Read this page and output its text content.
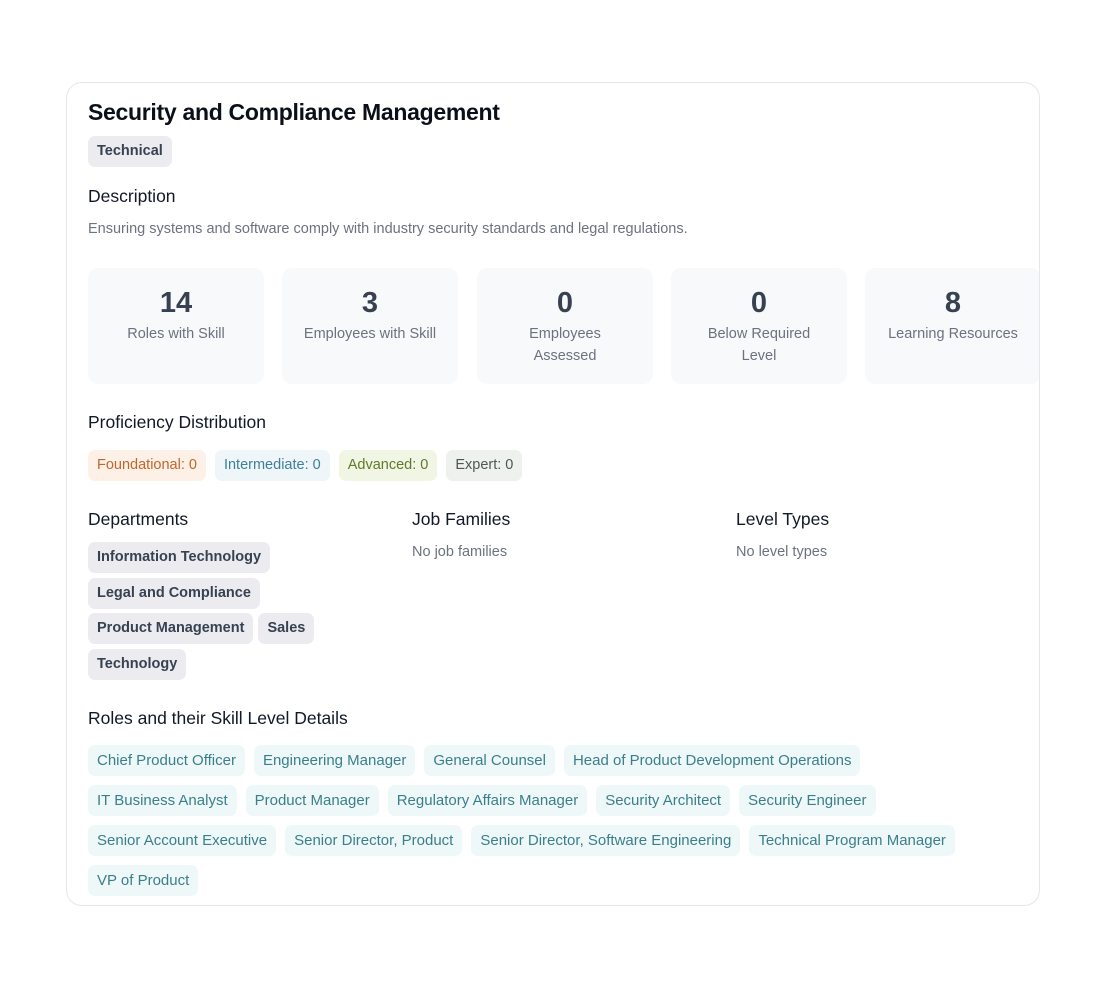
Security and Compliance Management
Technical
Description
Ensuring systems and software comply with industry security standards and legal regulations.
14
Roles with Skill
3
Employees with Skill
0
Employees Assessed
0
Below Required Level
8
Learning Resources
Proficiency Distribution
Foundational: 0	Intermediate: 0	Advanced: 0	Expert: 0
Departments
Information Technology
Legal and Compliance
Product Management	Sales
Technology
Job Families
No job families
Level Types
No level types
Roles and their Skill Level Details
Chief Product Officer	Engineering Manager	General Counsel	Head of Product Development Operations
IT Business Analyst	Product Manager	Regulatory Affairs Manager	Security Architect	Security Engineer
Senior Account Executive	Senior Director, Product	Senior Director, Software Engineering	Technical Program Manager
VP of Product
